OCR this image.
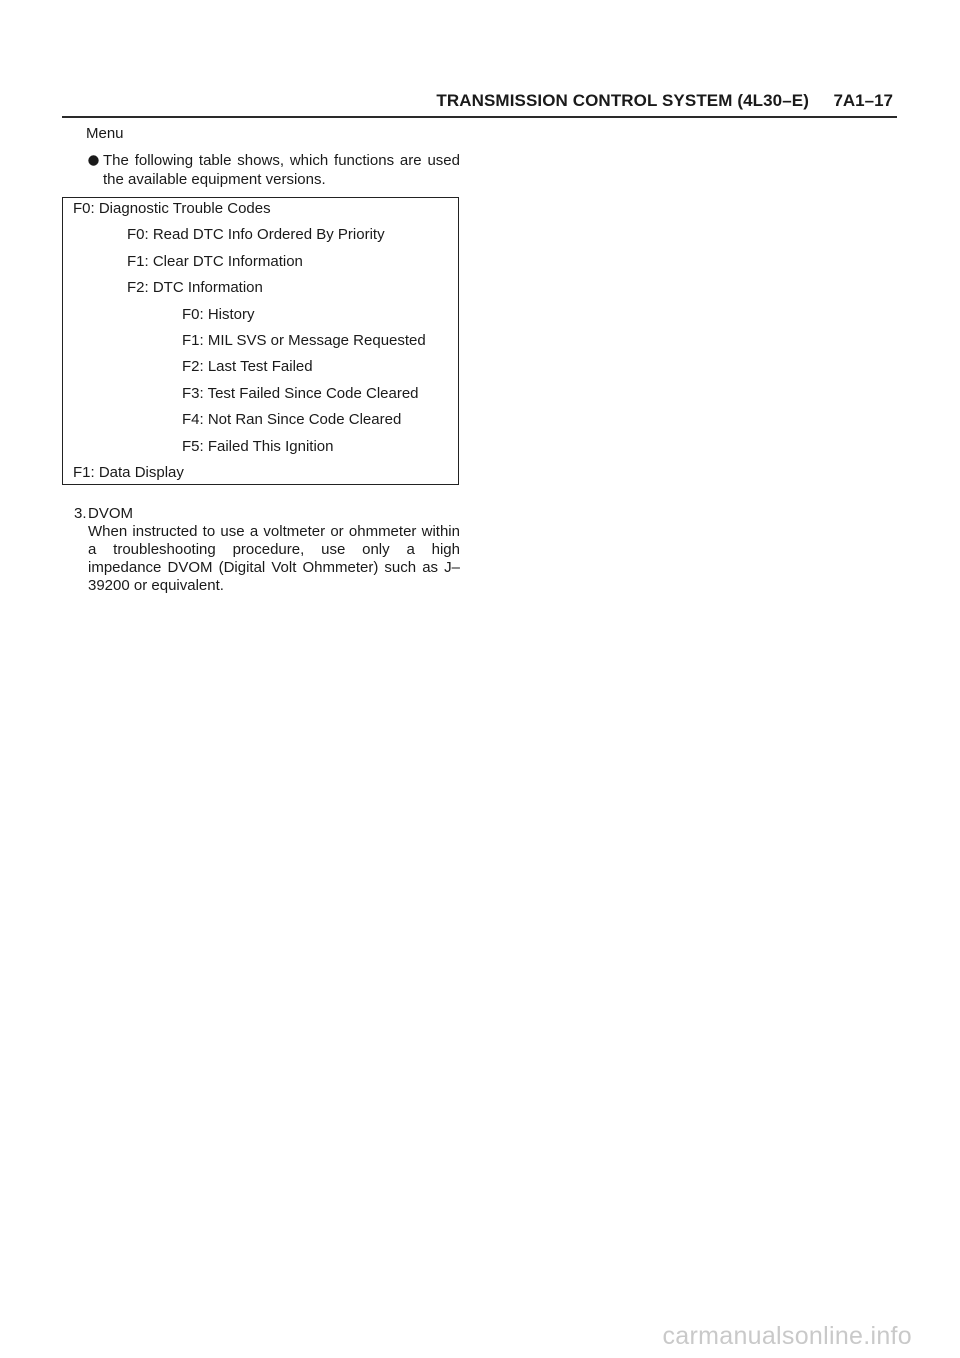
TRANSMISSION CONTROL SYSTEM (4L30–E) 7A1–17
Menu
The following table shows, which functions are used the available equipment versions.
F0: Diagnostic Trouble Codes
F0: Read DTC Info Ordered By Priority
F1: Clear DTC Information
F2: DTC Information
F0: History
F1: MIL SVS or Message Requested
F2: Last Test Failed
F3: Test Failed Since Code Cleared
F4: Not Ran Since Code Cleared
F5: Failed This Ignition
F1: Data Display
3. DVOM
When instructed to use a voltmeter or ohmmeter within a troubleshooting procedure, use only a high impedance DVOM (Digital Volt Ohmmeter) such as J–39200 or equivalent.
carmanualsonline.info
